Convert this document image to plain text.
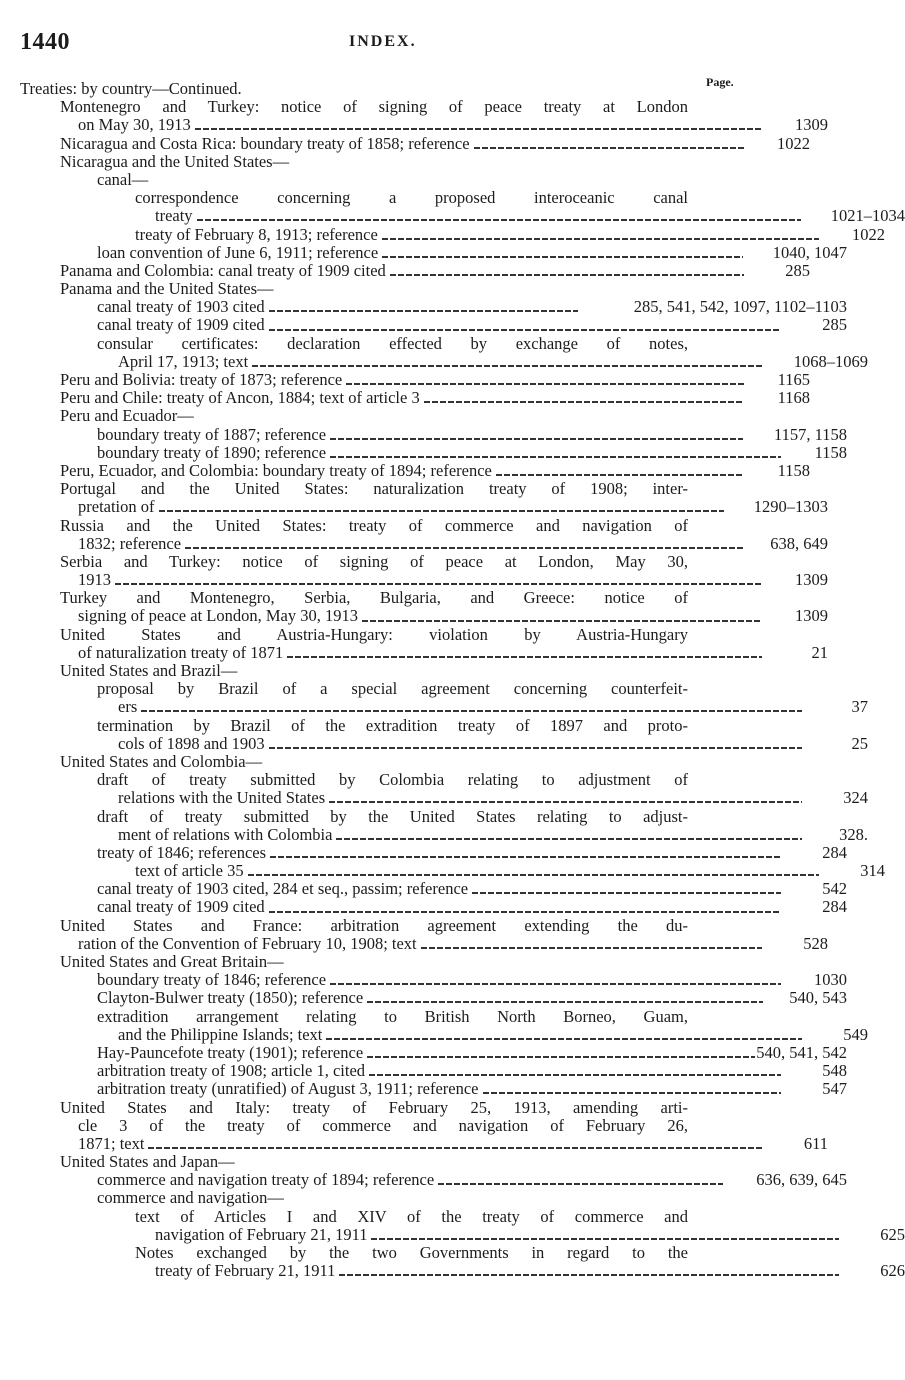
1440	INDEX.
Page.
Treaties: by country—Continued.
Montenegro and Turkey: notice of signing of peace treaty at London
on May 30, 1913	1309
Nicaragua and Costa Rica: boundary treaty of 1858; reference	1022
Nicaragua and the United States—
canal—
correspondence concerning a proposed interoceanic canal
treaty	1021–1034
treaty of February 8, 1913; reference	1022
loan convention of June 6, 1911; reference	1040, 1047
Panama and Colombia: canal treaty of 1909 cited	285
Panama and the United States—
canal treaty of 1903 cited	285, 541, 542, 1097, 1102–1103
canal treaty of 1909 cited	285
consular certificates: declaration effected by exchange of notes,
April 17, 1913; text	1068–1069
Peru and Bolivia: treaty of 1873; reference	1165
Peru and Chile: treaty of Ancon, 1884; text of article 3	1168
Peru and Ecuador—
boundary treaty of 1887; reference	1157, 1158
boundary treaty of 1890; reference	1158
Peru, Ecuador, and Colombia: boundary treaty of 1894; reference	1158
Portugal and the United States: naturalization treaty of 1908; inter-
pretation of	1290–1303
Russia and the United States: treaty of commerce and navigation of
1832; reference	638, 649
Serbia and Turkey: notice of signing of peace at London, May 30,
1913	1309
Turkey and Montenegro, Serbia, Bulgaria, and Greece: notice of
signing of peace at London, May 30, 1913	1309
United States and Austria-Hungary: violation by Austria-Hungary
of naturalization treaty of 1871	21
United States and Brazil—
proposal by Brazil of a special agreement concerning counterfeit-
ers	37
termination by Brazil of the extradition treaty of 1897 and proto-
cols of 1898 and 1903	25
United States and Colombia—
draft of treaty submitted by Colombia relating to adjustment of
relations with the United States	324
draft of treaty submitted by the United States relating to adjust-
ment of relations with Colombia	328.
treaty of 1846; references	284
text of article 35	314
canal treaty of 1903 cited, 284 et seq., passim; reference	542
canal treaty of 1909 cited	284
United States and France: arbitration agreement extending the du-
ration of the Convention of February 10, 1908; text	528
United States and Great Britain—
boundary treaty of 1846; reference	1030
Clayton-Bulwer treaty (1850); reference	540, 543
extradition arrangement relating to British North Borneo, Guam,
and the Philippine Islands; text	549
Hay-Pauncefote treaty (1901); reference	540, 541, 542
arbitration treaty of 1908; article 1, cited	548
arbitration treaty (unratified) of August 3, 1911; reference	547
United States and Italy: treaty of February 25, 1913, amending arti-
cle 3 of the treaty of commerce and navigation of February 26,
1871; text	611
United States and Japan—
commerce and navigation treaty of 1894; reference	636, 639, 645
commerce and navigation—
text of Articles I and XIV of the treaty of commerce and
navigation of February 21, 1911	625
Notes exchanged by the two Governments in regard to the
treaty of February 21, 1911	626
